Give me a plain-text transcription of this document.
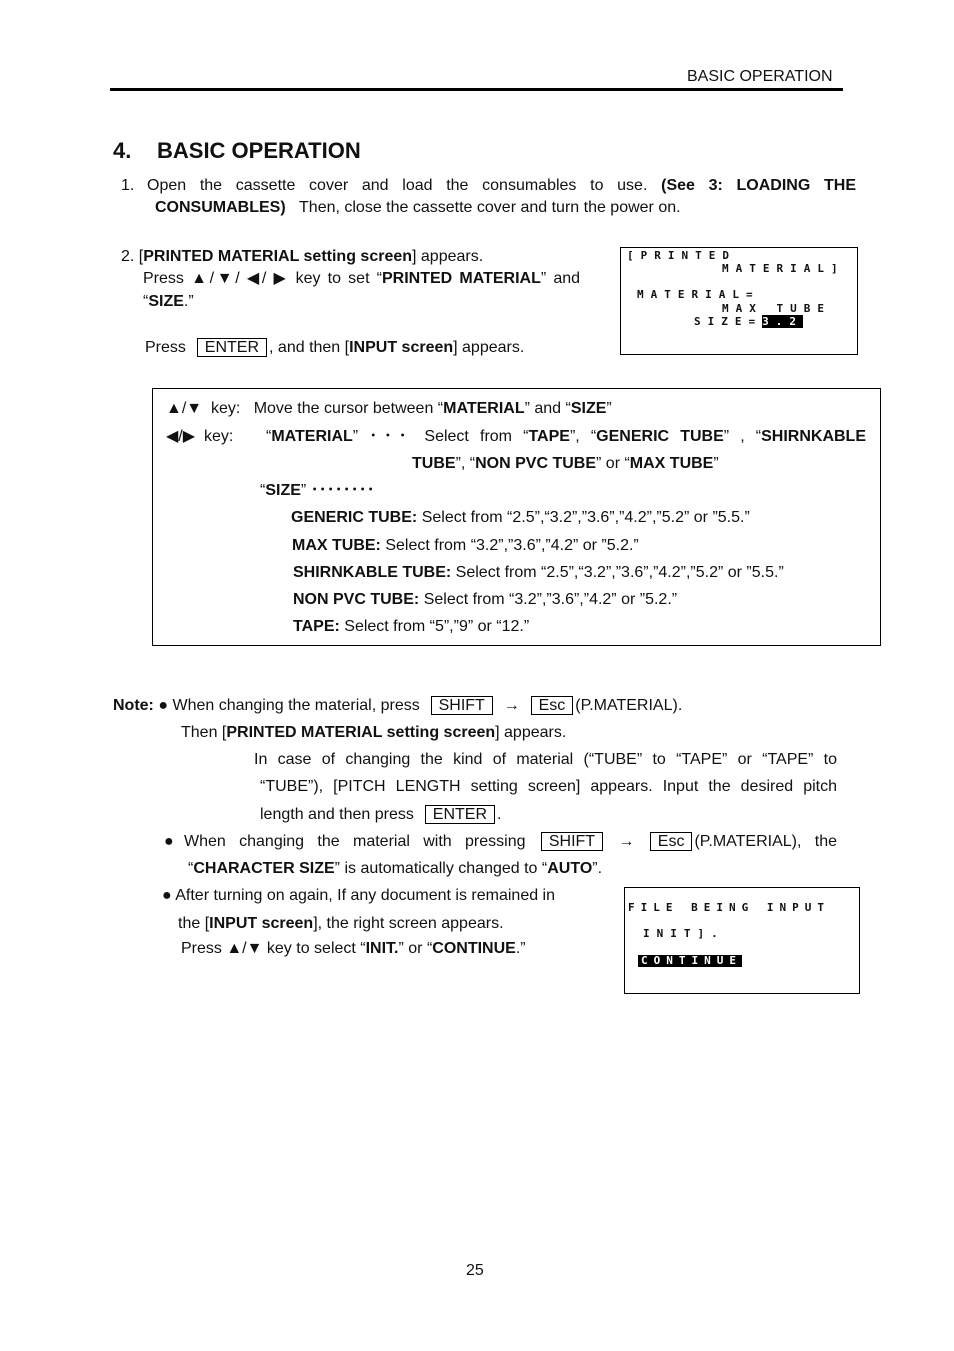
BASIC OPERATION
4. BASIC OPERATION
1. Open the cassette cover and load the consumables to use. (See 3: LOADING THE
CONSUMABLES) Then, close the cassette cover and turn the power on.
2. [PRINTED MATERIAL setting screen] appears.
Press ▲/▼/ ◀/ ▶ key to set “PRINTED MATERIAL” and
“SIZE.”
Press ENTER , and then [INPUT screen] appears.
[PRINTED
MATERIAL]
MATERIAL=
MAX TUBE
SIZE=3.2
▲/▼ key: Move the cursor between “MATERIAL” and “SIZE”
◀/▶ key: “MATERIAL” ･･･ Select from “TAPE”, “GENERIC TUBE” , “SHIRNKABLE
TUBE”, “NON PVC TUBE” or “MAX TUBE”
“SIZE” ････････
GENERIC TUBE: Select from “2.5”,“3.2”,”3.6”,”4.2”,”5.2” or ”5.5.”
MAX TUBE: Select from “3.2”,”3.6”,”4.2” or ”5.2.”
SHIRNKABLE TUBE: Select from “2.5”,“3.2”,”3.6”,”4.2”,”5.2” or ”5.5.”
NON PVC TUBE: Select from “3.2”,”3.6”,”4.2” or ”5.2.”
TAPE: Select from “5”,”9” or “12.”
Note: ● When changing the material, press SHIFT → Esc (P.MATERIAL).
Then [PRINTED MATERIAL setting screen] appears.
In case of changing the kind of material (“TUBE” to “TAPE” or “TAPE” to
“TUBE”), [PITCH LENGTH setting screen] appears. Input the desired pitch
length and then press ENTER .
● When changing the material with pressing SHIFT → Esc (P.MATERIAL), the
“CHARACTER SIZE” is automatically changed to “AUTO”.
● After turning on again, If any document is remained in
the [INPUT screen], the right screen appears.
Press ▲/▼ key to select “INIT.” or “CONTINUE.”
FILE BEING INPUT
INIT].
CONTINUE
25
